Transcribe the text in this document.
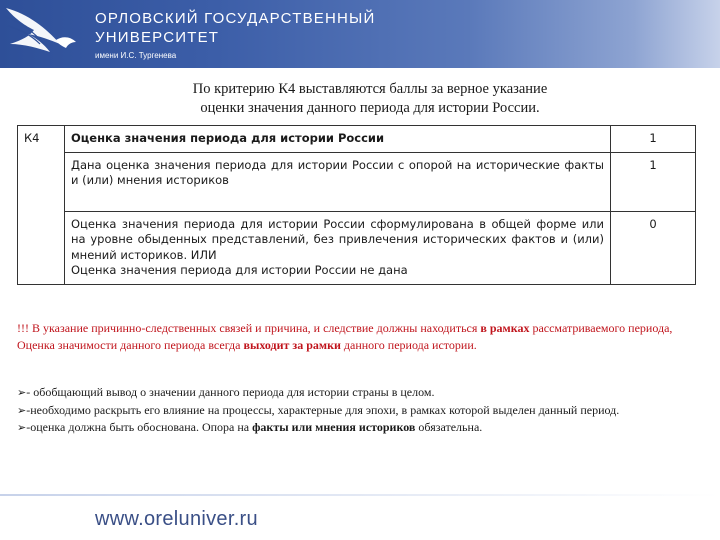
ОРЛОВСКИЙ ГОСУДАРСТВЕННЫЙ
УНИВЕРСИТЕТ
имени И.С. Тургенева
По критерию К4 выставляются баллы за верное указание
оценки значения данного периода для истории России.
К4	Оценка значения периода для истории России	1
	Дана оценка значения периода для истории России с опорой на исторические факты и (или) мнения историков	1
	Оценка значения периода для истории России сформулирована в общей форме или на уровне обыденных представлений, без привлечения исторических фактов и (или) мнений историков. ИЛИ
Оценка значения периода для истории России не дана	0
!!! В указание причинно-следственных связей и причина, и следствие должны находиться в рамках рассматриваемого периода,
Оценка значимости данного периода всегда выходит за рамки данного периода истории.
➢- обобщающий вывод о значении данного периода для истории страны в целом.
➢-необходимо раскрыть его влияние на процессы, характерные для эпохи, в рамках которой выделен данный период.
➢-оценка должна быть обоснована. Опора на факты или мнения историков обязательна.
www.oreluniver.ru
